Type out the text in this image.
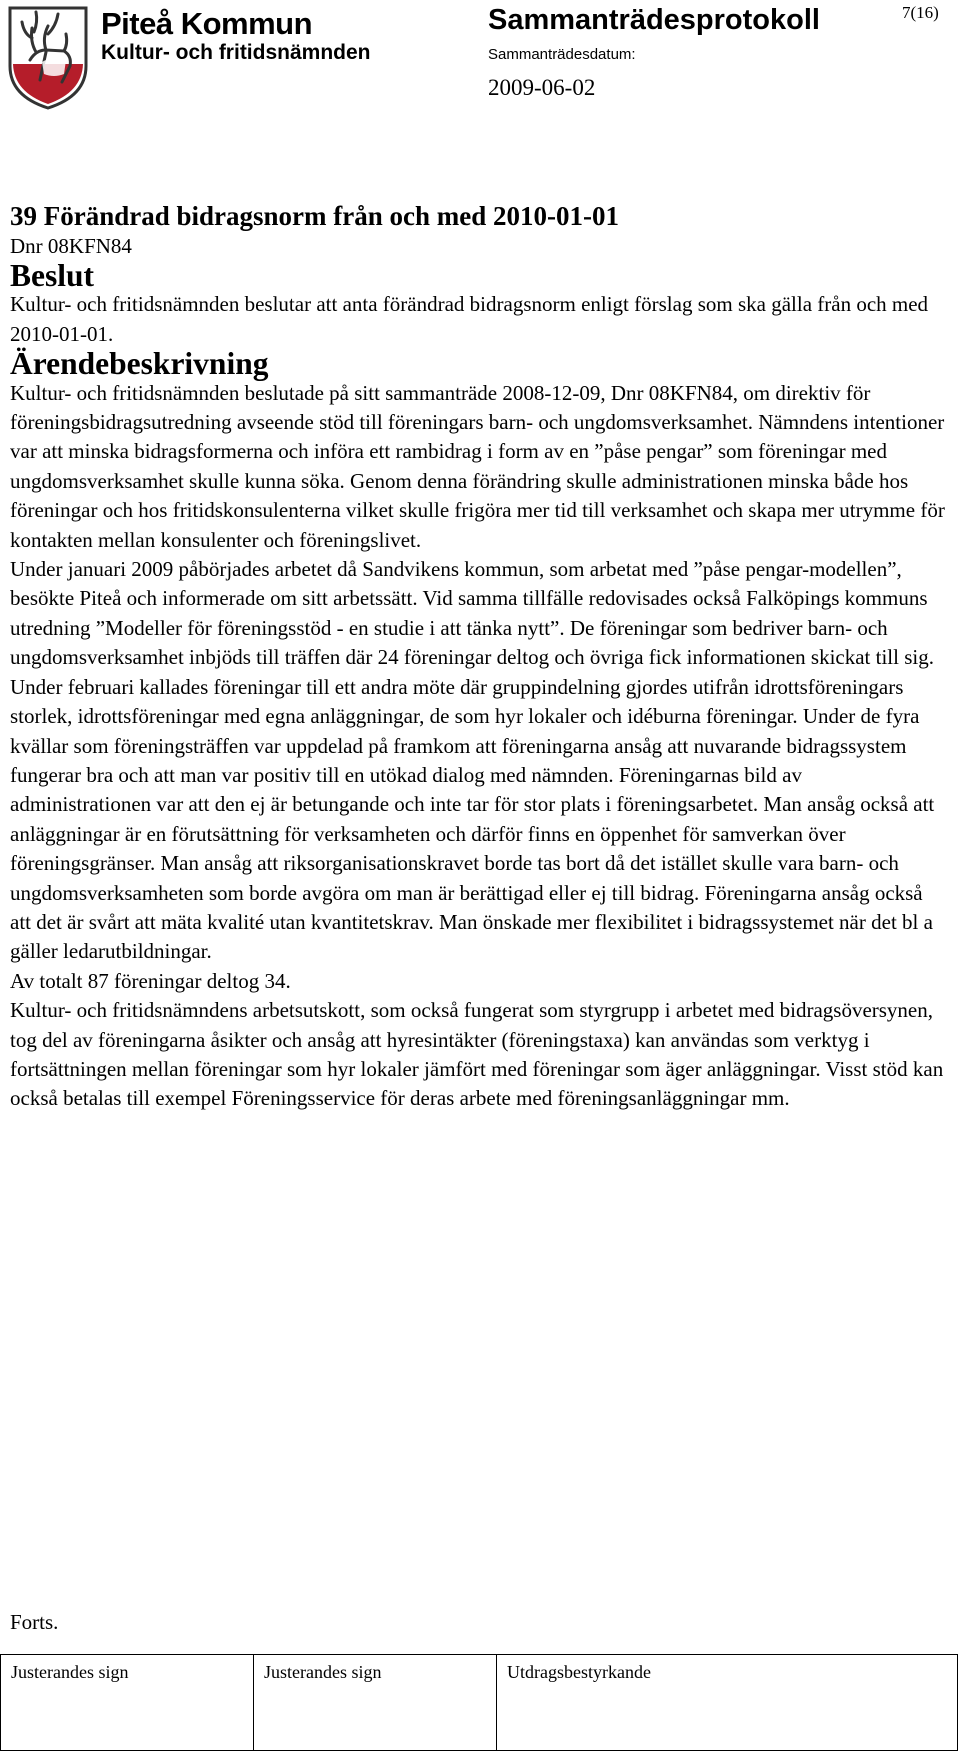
Piteå Kommun
Kultur- och fritidsnämnden
Sammanträdesprotokoll	7(16)
Sammanträdesdatum:
2009-06-02
39 Förändrad bidragsnorm från och med 2010-01-01

Dnr 08KFN84

Beslut

Kultur- och fritidsnämnden beslutar att anta förändrad bidragsnorm enligt förslag som ska gälla från och med 2010-01-01.

Ärendebeskrivning

Kultur- och fritidsnämnden beslutade på sitt sammanträde 2008-12-09, Dnr 08KFN84, om direktiv för föreningsbidragsutredning avseende stöd till föreningars barn- och ungdomsverksamhet. Nämndens intentioner var att minska bidragsformerna och införa ett rambidrag i form av en ”påse pengar” som föreningar med ungdomsverksamhet skulle kunna söka. Genom denna förändring skulle administrationen minska både hos föreningar och hos fritidskonsulenterna vilket skulle frigöra mer tid till verksamhet och skapa mer utrymme för kontakten mellan konsulenter och föreningslivet.

Under januari 2009 påbörjades arbetet då Sandvikens kommun, som arbetat med ”påse pengar-modellen”, besökte Piteå och informerade om sitt arbetssätt. Vid samma tillfälle redovisades också Falköpings kommuns utredning ”Modeller för föreningsstöd - en studie i att tänka nytt”. De föreningar som bedriver barn- och ungdomsverksamhet inbjöds till träffen där 24 föreningar deltog och övriga fick informationen skickat till sig.

Under februari kallades föreningar till ett andra möte där gruppindelning gjordes utifrån idrottsföreningars storlek, idrottsföreningar med egna anläggningar, de som hyr lokaler och idéburna föreningar. Under de fyra kvällar som föreningsträffen var uppdelad på framkom att föreningarna ansåg att nuvarande bidragssystem fungerar bra och att man var positiv till en utökad dialog med nämnden. Föreningarnas bild av administrationen var att den ej är betungande och inte tar för stor plats i föreningsarbetet. Man ansåg också att anläggningar är en förutsättning för verksamheten och därför finns en öppenhet för samverkan över föreningsgränser. Man ansåg att riksorganisationskravet borde tas bort då det istället skulle vara barn- och ungdomsverksamheten som borde avgöra om man är berättigad eller ej till bidrag. Föreningarna ansåg också att det är svårt att mäta kvalité utan kvantitetskrav. Man önskade mer flexibilitet i bidragssystemet när det bl a gäller ledarutbildningar.

Av totalt 87 föreningar deltog 34.

Kultur- och fritidsnämndens arbetsutskott, som också fungerat som styrgrupp i arbetet med bidragsöversynen, tog del av föreningarna åsikter och ansåg att hyresintäkter (föreningstaxa) kan användas som verktyg i fortsättningen mellan föreningar som hyr lokaler jämfört med föreningar som äger anläggningar. Visst stöd kan också betalas till exempel Föreningsservice för deras arbete med föreningsanläggningar mm.

Forts.
Justerandes sign	Justerandes sign	Utdragsbestyrkande
